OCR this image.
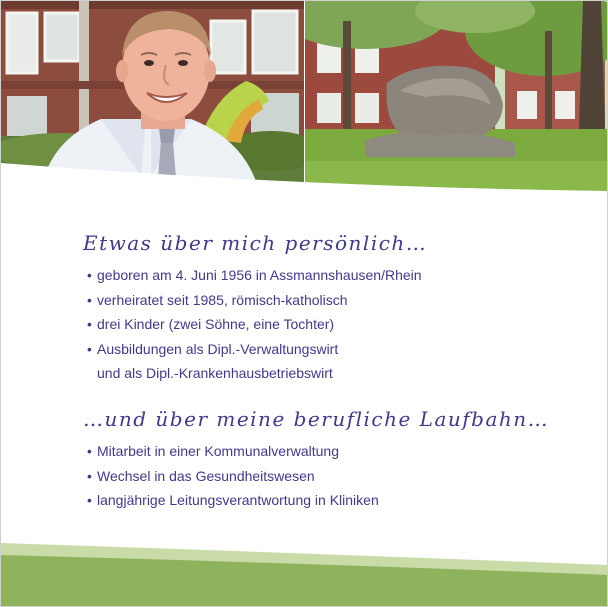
Etwas über mich persönlich…
• geboren am 4. Juni 1956 in Assmannshausen/Rhein
• verheiratet seit 1985, römisch-katholisch
• drei Kinder (zwei Söhne, eine Tochter)
• Ausbildungen als Dipl.-Verwaltungswirt
und als Dipl.-Krankenhausbetriebswirt
…und über meine berufliche Laufbahn…
• Mitarbeit in einer Kommunalverwaltung
• Wechsel in das Gesundheitswesen
• langjährige Leitungsverantwortung in Kliniken
